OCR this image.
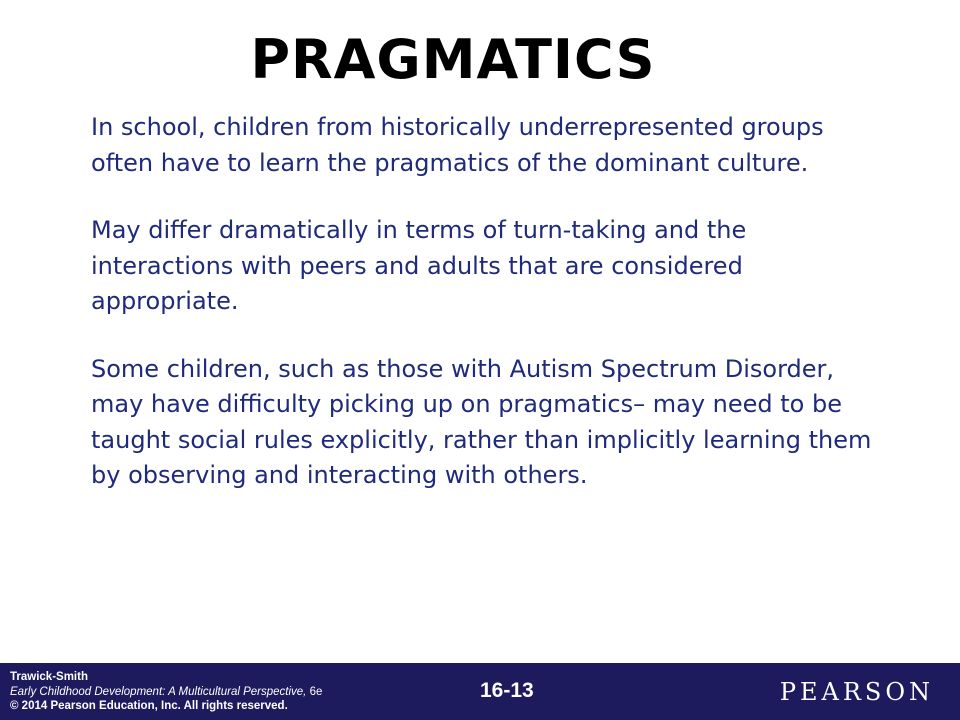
PRAGMATICS

In school, children from historically underrepresented groups often have to learn the pragmatics of the dominant culture.

May differ dramatically in terms of turn-taking and the interactions with peers and adults that are considered appropriate.

Some children, such as those with Autism Spectrum Disorder, may have difficulty picking up on pragmatics– may need to be taught social rules explicitly, rather than implicitly learning them by observing and interacting with others.

Trawick-Smith
Early Childhood Development: A Multicultural Perspective, 6e
© 2014 Pearson Education, Inc. All rights reserved.
16-13	PEARSON
